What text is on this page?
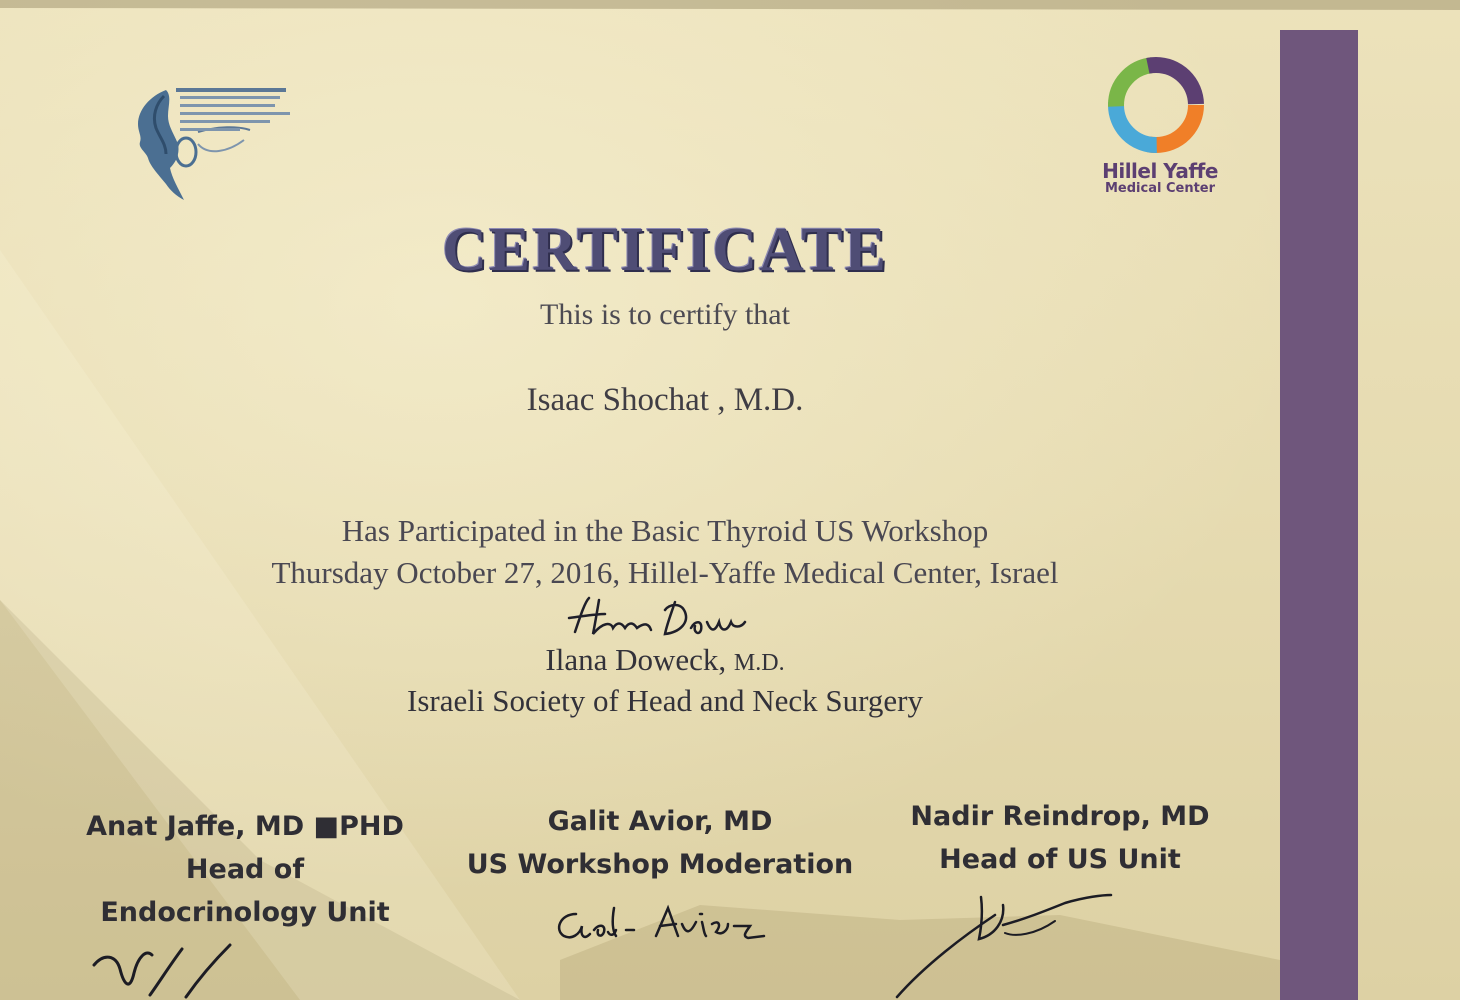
Hillel Yaffe
Medical Center
CERTIFICATE
This is to certify that
Isaac Shochat , M.D.
Has Participated in the Basic Thyroid US Workshop
Thursday October 27, 2016, Hillel-Yaffe Medical Center, Israel
Ilana Doweck, M.D.
Israeli Society of Head and Neck Surgery
Anat Jaffe, MD ■PHD
Head of
Endocrinology Unit
Galit Avior, MD
US Workshop Moderation
Nadir Reindrop, MD
Head of US Unit
